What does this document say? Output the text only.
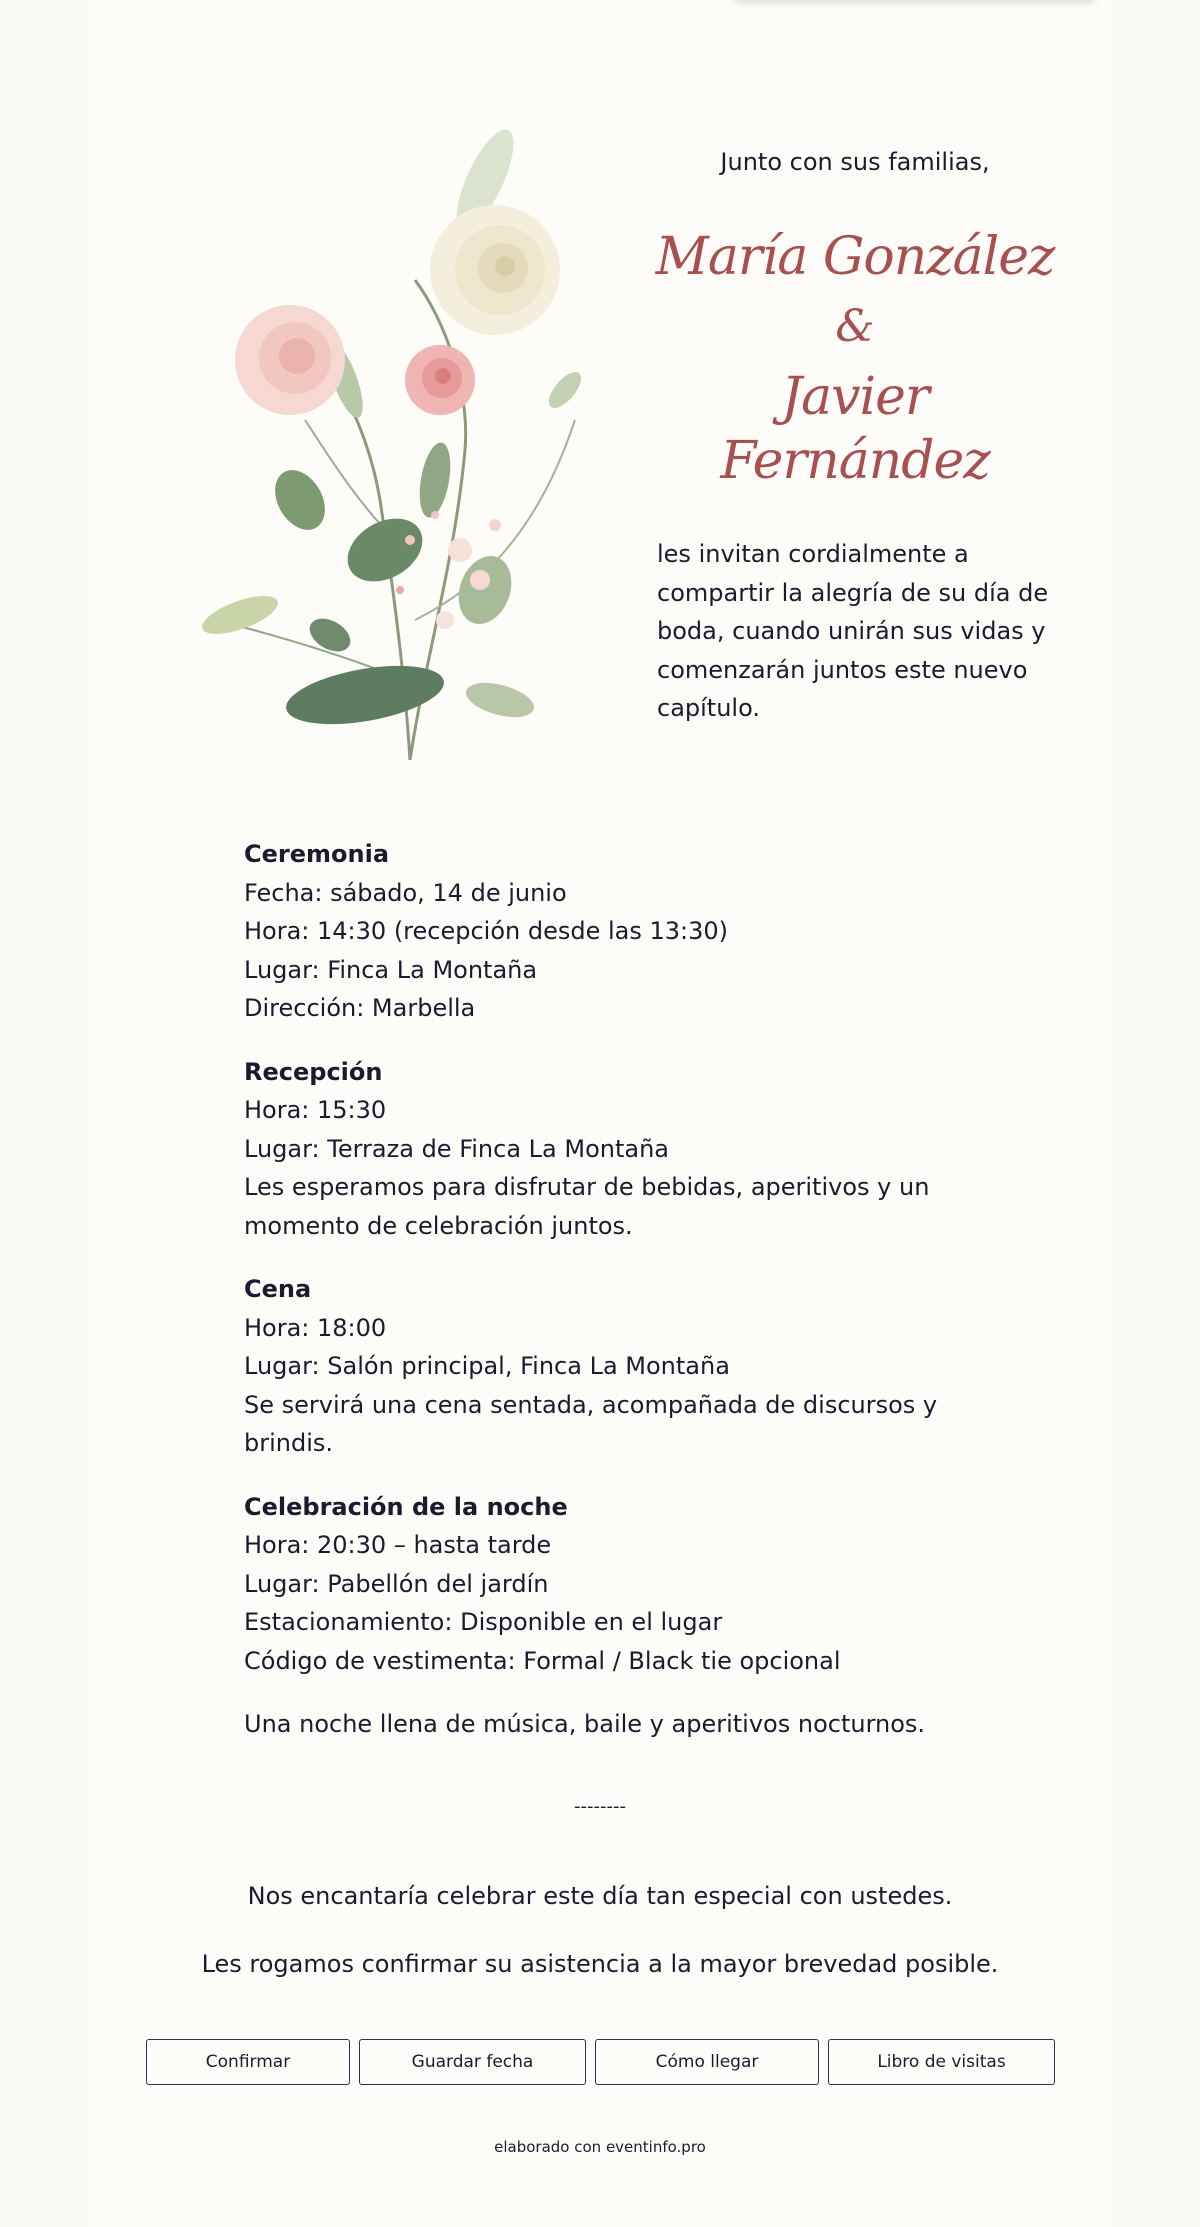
Junto con sus familias,
María González
&
Javier Fernández
les invitan cordialmente a compartir la alegría de su día de boda, cuando unirán sus vidas y comenzarán juntos este nuevo capítulo.
Ceremonia
Fecha: sábado, 14 de junio
Hora: 14:30 (recepción desde las 13:30)
Lugar: Finca La Montaña
Dirección: Marbella
Recepción
Hora: 15:30
Lugar: Terraza de Finca La Montaña
Les esperamos para disfrutar de bebidas, aperitivos y un momento de celebración juntos.
Cena
Hora: 18:00
Lugar: Salón principal, Finca La Montaña
Se servirá una cena sentada, acompañada de discursos y brindis.
Celebración de la noche
Hora: 20:30 – hasta tarde
Lugar: Pabellón del jardín
Estacionamiento: Disponible en el lugar
Código de vestimenta: Formal / Black tie opcional
Una noche llena de música, baile y aperitivos nocturnos.
--------
Nos encantaría celebrar este día tan especial con ustedes.
Les rogamos confirmar su asistencia a la mayor brevedad posible.
Confirmar	Guardar fecha	Cómo llegar	Libro de visitas
elaborado con eventinfo.pro
